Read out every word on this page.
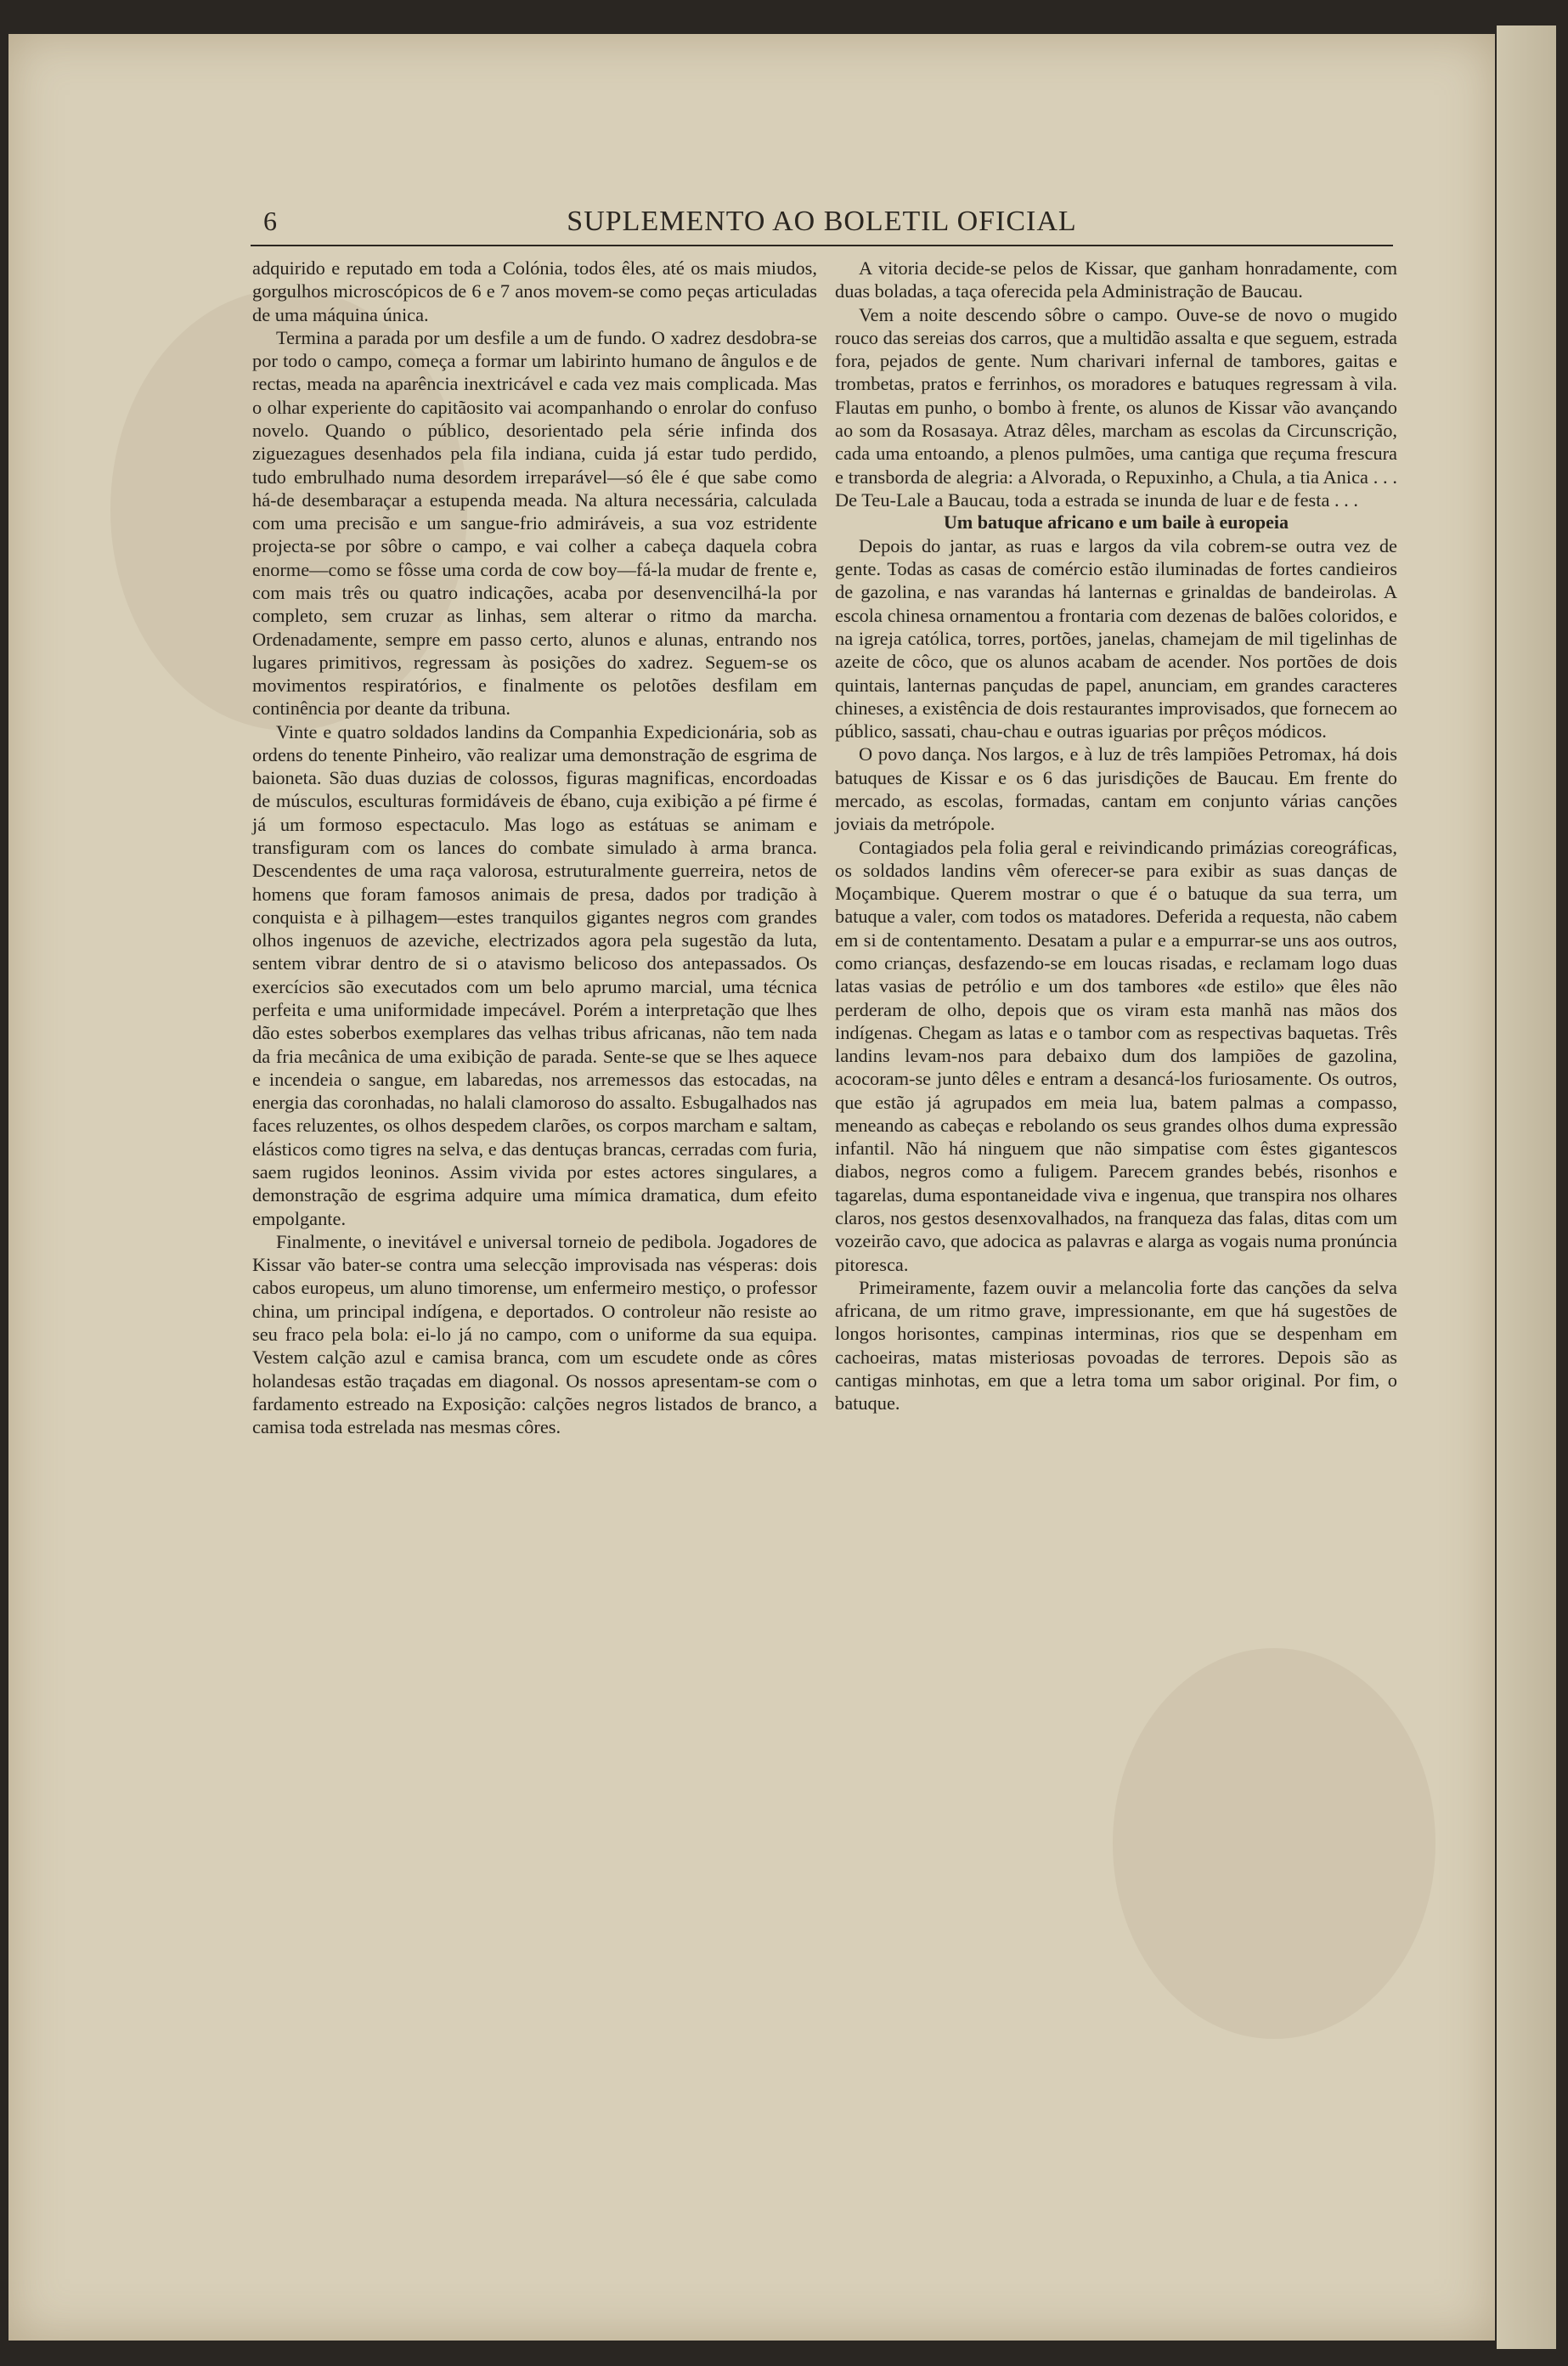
6	SUPLEMENTO AO BOLETIL OFICIAL

adquirido e reputado em toda a Colónia, todos êles, até os mais miudos, gorgulhos microscópicos de 6 e 7 anos movem-se como peças articuladas de uma máquina única.

Termina a parada por um desfile a um de fundo. O xadrez desdobra-se por todo o campo, começa a formar um labirinto humano de ângulos e de rectas, meada na aparência inextricável e cada vez mais complicada. Mas o olhar experiente do capitãosito vai acompanhando o enrolar do confuso novelo. Quando o público, desorientado pela série infinda dos ziguezagues desenhados pela fila indiana, cuida já estar tudo perdido, tudo embrulhado numa desordem irreparável—só êle é que sabe como há-de desembaraçar a estupenda meada. Na altura necessária, calculada com uma precisão e um sangue-frio admiráveis, a sua voz estridente projecta-se por sôbre o campo, e vai colher a cabeça daquela cobra enorme—como se fôsse uma corda de cow boy—fá-la mudar de frente e, com mais três ou quatro indicações, acaba por desenvencilhá-la por completo, sem cruzar as linhas, sem alterar o ritmo da marcha. Ordenadamente, sempre em passo certo, alunos e alunas, entrando nos lugares primitivos, regressam às posições do xadrez. Seguem-se os movimentos respiratórios, e finalmente os pelotões desfilam em continência por deante da tribuna.

Vinte e quatro soldados landins da Companhia Expedicionária, sob as ordens do tenente Pinheiro, vão realizar uma demonstração de esgrima de baioneta. São duas duzias de colossos, figuras magnificas, encordoadas de músculos, esculturas formidáveis de ébano, cuja exibição a pé firme é já um formoso espectaculo. Mas logo as estátuas se animam e transfiguram com os lances do combate simulado à arma branca. Descendentes de uma raça valorosa, estruturalmente guerreira, netos de homens que foram famosos animais de presa, dados por tradição à conquista e à pilhagem—estes tranquilos gigantes negros com grandes olhos ingenuos de azeviche, electrizados agora pela sugestão da luta, sentem vibrar dentro de si o atavismo belicoso dos antepassados. Os exercícios são executados com um belo aprumo marcial, uma técnica perfeita e uma uniformidade impecável. Porém a interpretação que lhes dão estes soberbos exemplares das velhas tribus africanas, não tem nada da fria mecânica de uma exibição de parada. Sente-se que se lhes aquece e incendeia o sangue, em labaredas, nos arremessos das estocadas, na energia das coronhadas, no halali clamoroso do assalto. Esbugalhados nas faces reluzentes, os olhos despedem clarões, os corpos marcham e saltam, elásticos como tigres na selva, e das dentuças brancas, cerradas com furia, saem rugidos leoninos. Assim vivida por estes actores singulares, a demonstração de esgrima adquire uma mímica dramatica, dum efeito empolgante.

Finalmente, o inevitável e universal torneio de pedibola. Jogadores de Kissar vão bater-se contra uma selecção improvisada nas vésperas: dois cabos europeus, um aluno timorense, um enfermeiro mestiço, o professor china, um principal indígena, e deportados. O controleur não resiste ao seu fraco pela bola: ei-lo já no campo, com o uniforme da sua equipa. Vestem calção azul e camisa branca, com um escudete onde as côres holandesas estão traçadas em diagonal. Os nossos apresentam-se com o fardamento estreado na Exposição: calções negros listados de branco, a camisa toda estrelada nas mesmas côres.

A vitoria decide-se pelos de Kissar, que ganham honradamente, com duas boladas, a taça oferecida pela Administração de Baucau.

Vem a noite descendo sôbre o campo. Ouve-se de novo o mugido rouco das sereias dos carros, que a multidão assalta e que seguem, estrada fora, pejados de gente. Num charivari infernal de tambores, gaitas e trombetas, pratos e ferrinhos, os moradores e batuques regressam à vila. Flautas em punho, o bombo à frente, os alunos de Kissar vão avançando ao som da Rosasaya. Atraz dêles, marcham as escolas da Circunscrição, cada uma entoando, a plenos pulmões, uma cantiga que reçuma frescura e transborda de alegria: a Alvorada, o Repuxinho, a Chula, a tia Anica . . . De Teu-Lale a Baucau, toda a estrada se inunda de luar e de festa . . .

Um batuque africano e um baile à europeia

Depois do jantar, as ruas e largos da vila cobrem-se outra vez de gente. Todas as casas de comércio estão iluminadas de fortes candieiros de gazolina, e nas varandas há lanternas e grinaldas de bandeirolas. A escola chinesa ornamentou a frontaria com dezenas de balões coloridos, e na igreja católica, torres, portões, janelas, chamejam de mil tigelinhas de azeite de côco, que os alunos acabam de acender. Nos portões de dois quintais, lanternas pançudas de papel, anunciam, em grandes caracteres chineses, a existência de dois restaurantes improvisados, que fornecem ao público, sassati, chau-chau e outras iguarias por prêços módicos.

O povo dança. Nos largos, e à luz de três lampiões Petromax, há dois batuques de Kissar e os 6 das jurisdições de Baucau. Em frente do mercado, as escolas, formadas, cantam em conjunto várias canções joviais da metrópole.

Contagiados pela folia geral e reivindicando primázias coreográficas, os soldados landins vêm oferecer-se para exibir as suas danças de Moçambique. Querem mostrar o que é o batuque da sua terra, um batuque a valer, com todos os matadores. Deferida a requesta, não cabem em si de contentamento. Desatam a pular e a empurrar-se uns aos outros, como crianças, desfazendo-se em loucas risadas, e reclamam logo duas latas vasias de petrólio e um dos tambores «de estilo» que êles não perderam de olho, depois que os viram esta manhã nas mãos dos indígenas. Chegam as latas e o tambor com as respectivas baquetas. Três landins levam-nos para debaixo dum dos lampiões de gazolina, acocoram-se junto dêles e entram a desancá-los furiosamente. Os outros, que estão já agrupados em meia lua, batem palmas a compasso, meneando as cabeças e rebolando os seus grandes olhos duma expressão infantil. Não há ninguem que não simpatise com êstes gigantescos diabos, negros como a fuligem. Parecem grandes bebés, risonhos e tagarelas, duma espontaneidade viva e ingenua, que transpira nos olhares claros, nos gestos desenxovalhados, na franqueza das falas, ditas com um vozeirão cavo, que adocica as palavras e alarga as vogais numa pronúncia pitoresca.

Primeiramente, fazem ouvir a melancolia forte das canções da selva africana, de um ritmo grave, impressionante, em que há sugestões de longos horisontes, campinas interminas, rios que se despenham em cachoeiras, matas misteriosas povoadas de terrores. Depois são as cantigas minhotas, em que a letra toma um sabor original. Por fim, o batuque.
